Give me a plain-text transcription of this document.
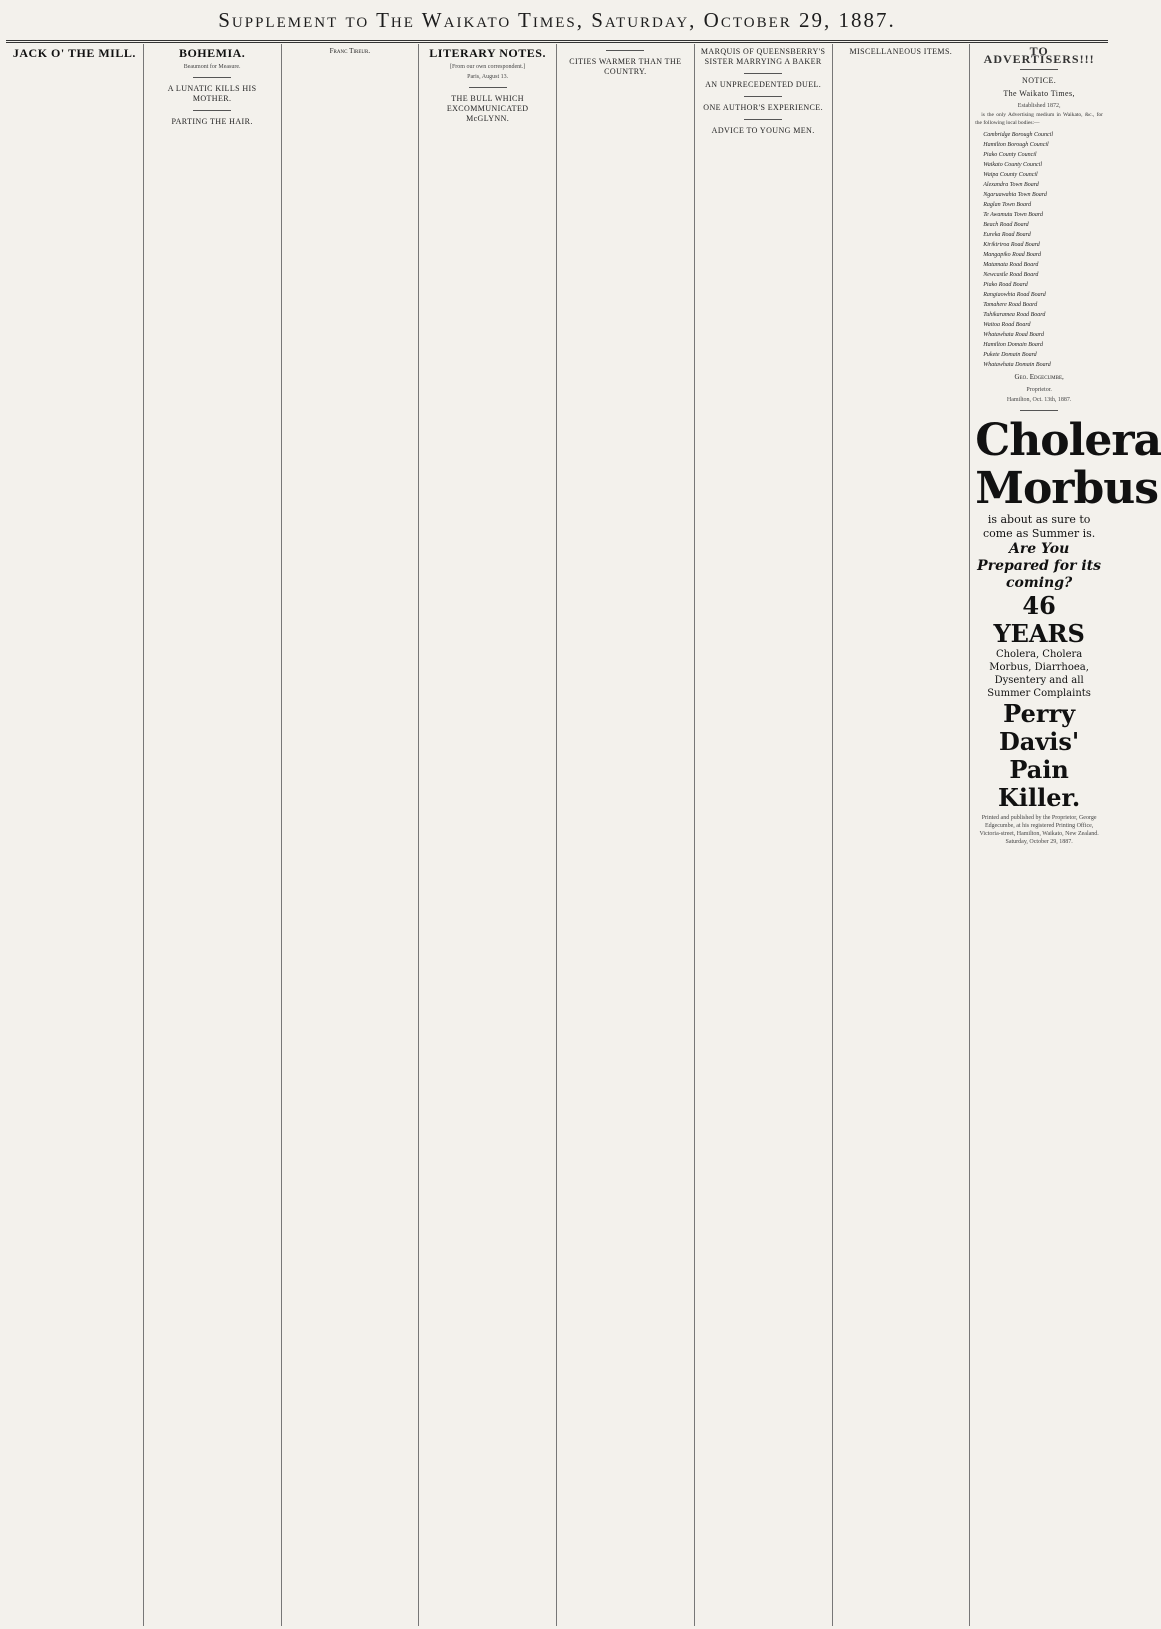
Supplement to The Waikato Times, Saturday, October 29, 1887.
JACK O' THE MILL.

	BOHEMIA.
Beaumont for Measure.
A LUNATIC KILLS HIS MOTHER.
PARTING THE HAIR.
Franc Tireur.	LITERARY NOTES.
[From our own correspondent.]
Paris, August 13.
THE BULL WHICH EXCOMMUNICATED McGLYNN.
CITIES WARMER THAN THE COUNTRY.
MARQUIS OF QUEENSBERRY'S SISTER MARRYING A BAKER
AN UNPRECEDENTED DUEL.
ONE AUTHOR'S EXPERIENCE.
ADVICE TO YOUNG MEN.
MISCELLANEOUS ITEMS.	TO ADVERTISERS!!!
NOTICE.
The Waikato Times,
Established 1872,

is the only Advertising medium in Waikato, &c., for the following local bodies:—

Cambridge Borough Council
Hamilton Borough Council
Piako County Council
Waikato County Council
Waipa County Council
Alexandra Town Board
Ngaruawahia Town Board
Raglan Town Board
Te Awamutu Town Board
Beach Road Board
Eureka Road Board
Kirikiriroa Road Board
Mangapiko Road Board
Matamata Road Board
Newcastle Road Board
Piako Road Board
Rangiaowhia Road Board
Tamahere Road Board
Tuhikaramea Road Board
Waitoa Road Board
Whatawhata Road Board
Hamilton Domain Board
Pukete Domain Board
Whatawhata Domain Board
Geo. Edgecumbe,
Proprietor.
Hamilton, Oct. 13th, 1887.
Cholera
Morbus
is about as sure to come as Summer is.
Are You Prepared for its coming?
46 YEARS
Cholera, Cholera Morbus, Diarrhoea, Dysentery and all Summer Complaints
Perry Davis' Pain Killer.
Printed and published by the Proprietor, George Edgecumbe, at his registered Printing Office, Victoria-street, Hamilton, Waikato, New Zealand. Saturday, October 29, 1887.
